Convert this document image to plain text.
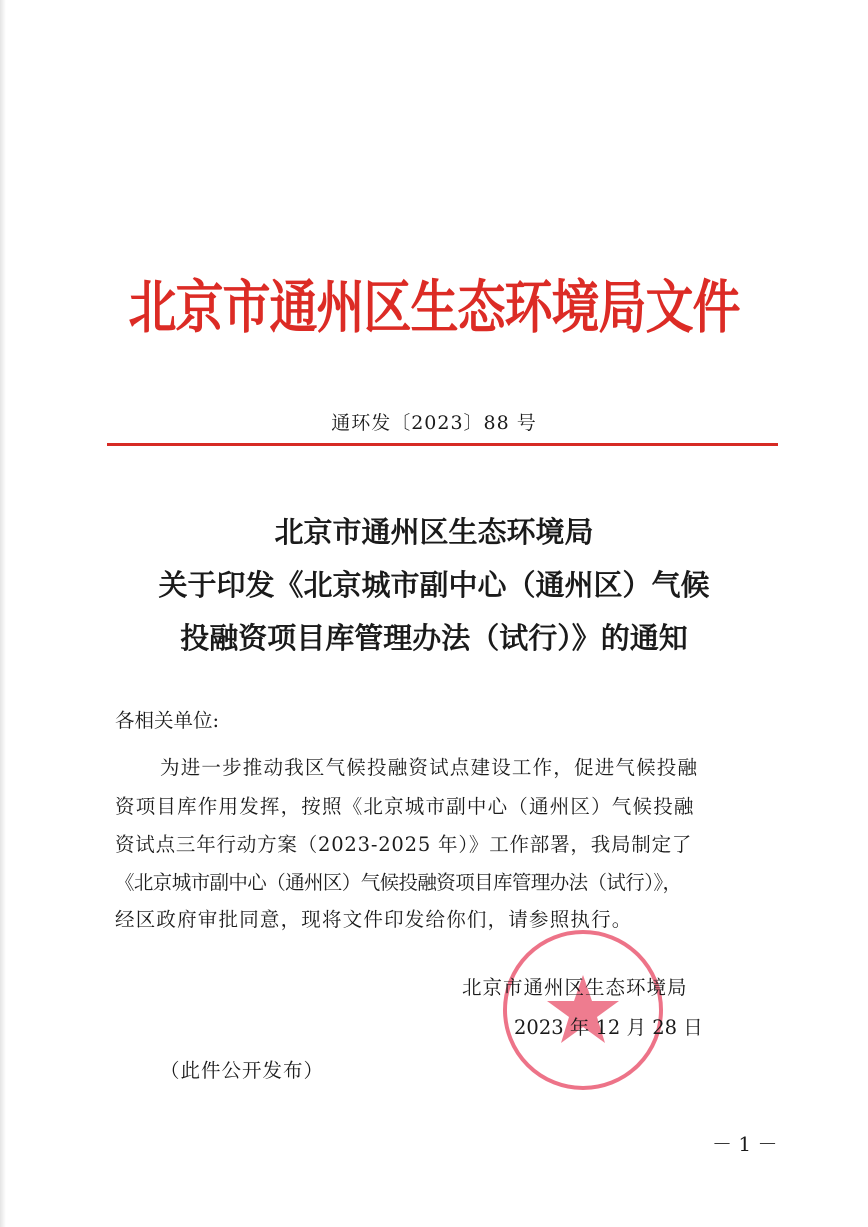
北京市通州区生态环境局文件
通环发〔2023〕88 号
北京市通州区生态环境局
关于印发《北京城市副中心（通州区）气候
投融资项目库管理办法（试行）》的通知
各相关单位:
为进一步推动我区气候投融资试点建设工作，促进气候投融
资项目库作用发挥，按照《北京城市副中心（通州区）气候投融
资试点三年行动方案（2023-2025 年）》工作部署，我局制定了
《北京城市副中心（通州区）气候投融资项目库管理办法（试行）》，
经区政府审批同意，现将文件印发给你们，请参照执行。
北京市通州区生态环境局
2023 年 12 月 28 日
（此件公开发布）
－ 1 －
